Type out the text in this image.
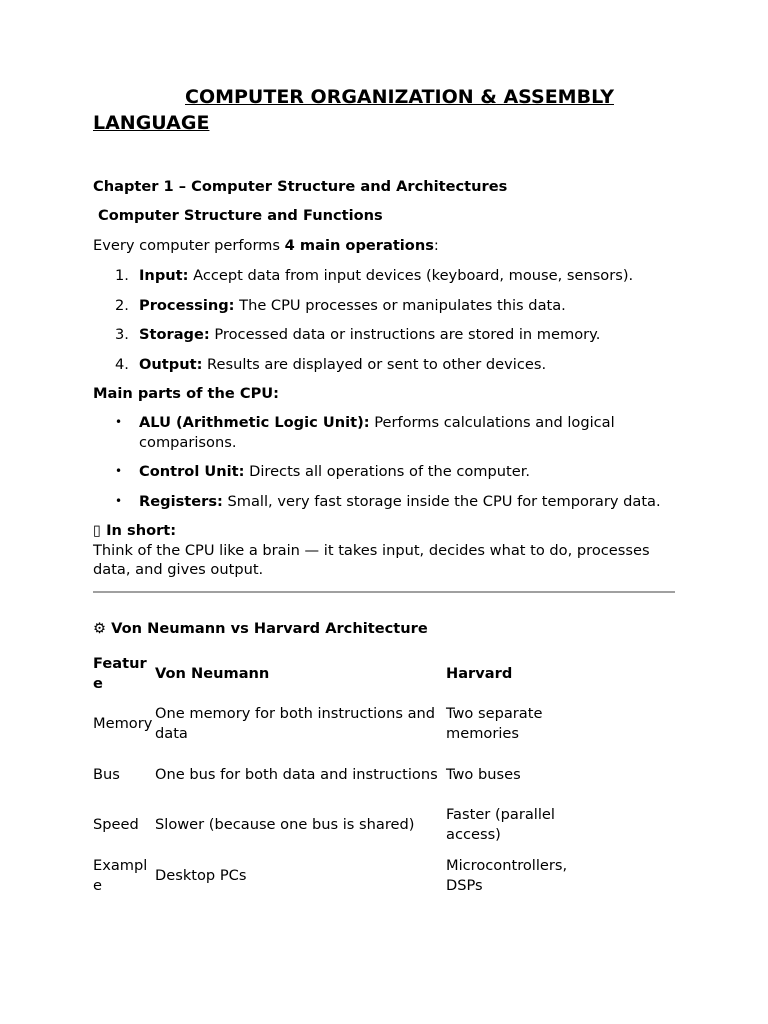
COMPUTER ORGANIZATION & ASSEMBLY
LANGUAGE

Chapter 1 – Computer Structure and Architectures

Computer Structure and Functions

Every computer performs 4 main operations:

1. Input: Accept data from input devices (keyboard, mouse, sensors).
2. Processing: The CPU processes or manipulates this data.
3. Storage: Processed data or instructions are stored in memory.
4. Output: Results are displayed or sent to other devices.

Main parts of the CPU:

• ALU (Arithmetic Logic Unit): Performs calculations and logical comparisons.
• Control Unit: Directs all operations of the computer.
• Registers: Small, very fast storage inside the CPU for temporary data.

▯ In short:

Think of the CPU like a brain — it takes input, decides what to do, processes data, and gives output.

⚙ Von Neumann vs Harvard Architecture

Feature	Von Neumann	Harvard
Memory	One memory for both instructions and data	Two separate memories
Bus	One bus for both data and instructions	Two buses
Speed	Slower (because one bus is shared)	Faster (parallel access)
Example	Desktop PCs	Microcontrollers, DSPs
